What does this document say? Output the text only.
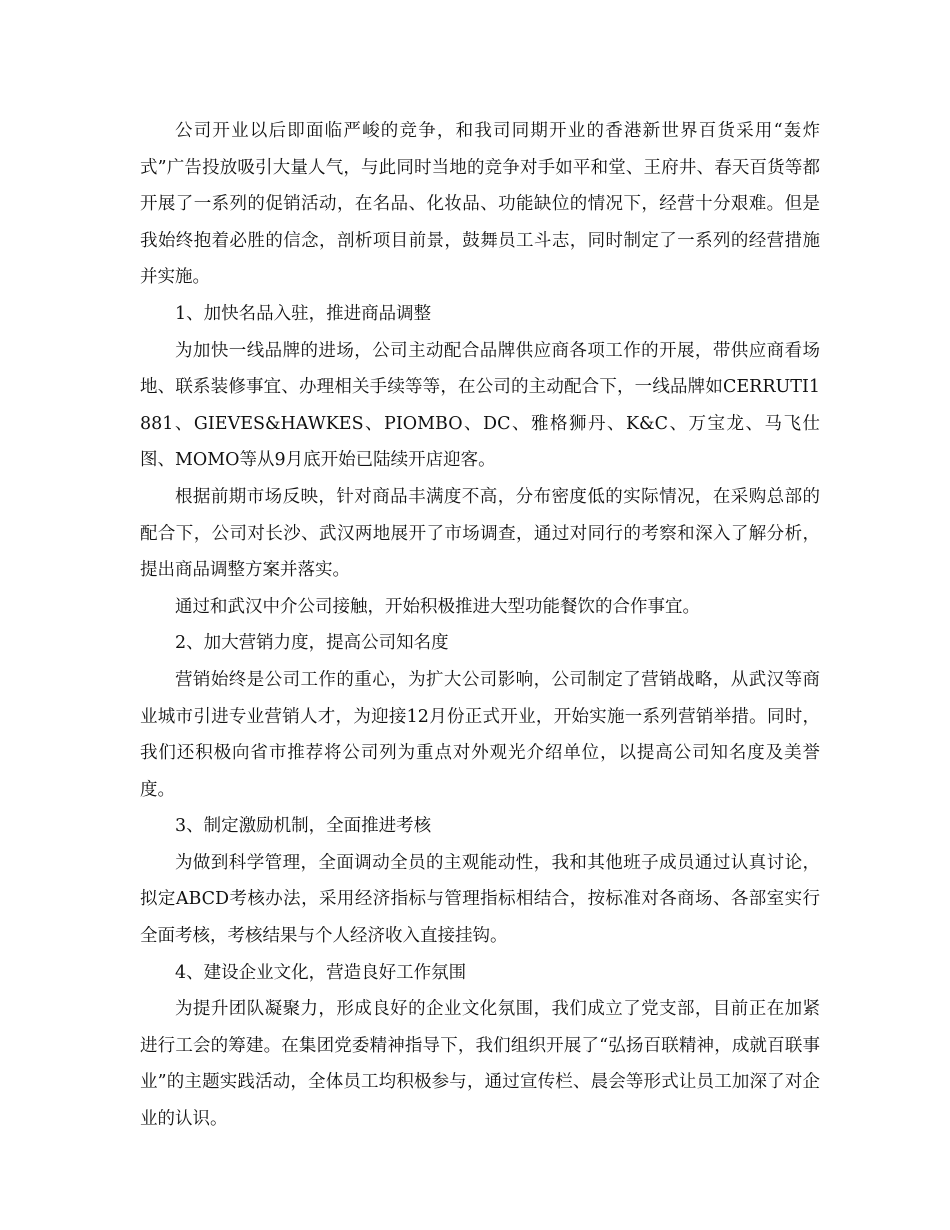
公司开业以后即面临严峻的竞争，和我司同期开业的香港新世界百货采用“轰炸式”广告投放吸引大量人气，与此同时当地的竞争对手如平和堂、王府井、春天百货等都开展了一系列的促销活动，在名品、化妆品、功能缺位的情况下，经营十分艰难。但是我始终抱着必胜的信念，剖析项目前景，鼓舞员工斗志，同时制定了一系列的经营措施并实施。

1、加快名品入驻，推进商品调整

为加快一线品牌的进场，公司主动配合品牌供应商各项工作的开展，带供应商看场地、联系装修事宜、办理相关手续等等，在公司的主动配合下，一线品牌如CERRUTI1881、GIEVES&HAWKES、PIOMBO、DC、雅格狮丹、K&C、万宝龙、马飞仕图、MOMO等从9月底开始已陆续开店迎客。

根据前期市场反映，针对商品丰满度不高，分布密度低的实际情况，在采购总部的配合下，公司对长沙、武汉两地展开了市场调查，通过对同行的考察和深入了解分析，提出商品调整方案并落实。

通过和武汉中介公司接触，开始积极推进大型功能餐饮的合作事宜。

2、加大营销力度，提高公司知名度

营销始终是公司工作的重心，为扩大公司影响，公司制定了营销战略，从武汉等商业城市引进专业营销人才，为迎接12月份正式开业，开始实施一系列营销举措。同时，我们还积极向省市推荐将公司列为重点对外观光介绍单位，以提高公司知名度及美誉度。

3、制定激励机制，全面推进考核

为做到科学管理，全面调动全员的主观能动性，我和其他班子成员通过认真讨论，拟定ABCD考核办法，采用经济指标与管理指标相结合，按标准对各商场、各部室实行全面考核，考核结果与个人经济收入直接挂钩。

4、建设企业文化，营造良好工作氛围

为提升团队凝聚力，形成良好的企业文化氛围，我们成立了党支部，目前正在加紧进行工会的筹建。在集团党委精神指导下，我们组织开展了“弘扬百联精神，成就百联事业”的主题实践活动，全体员工均积极参与，通过宣传栏、晨会等形式让员工加深了对企业的认识。
